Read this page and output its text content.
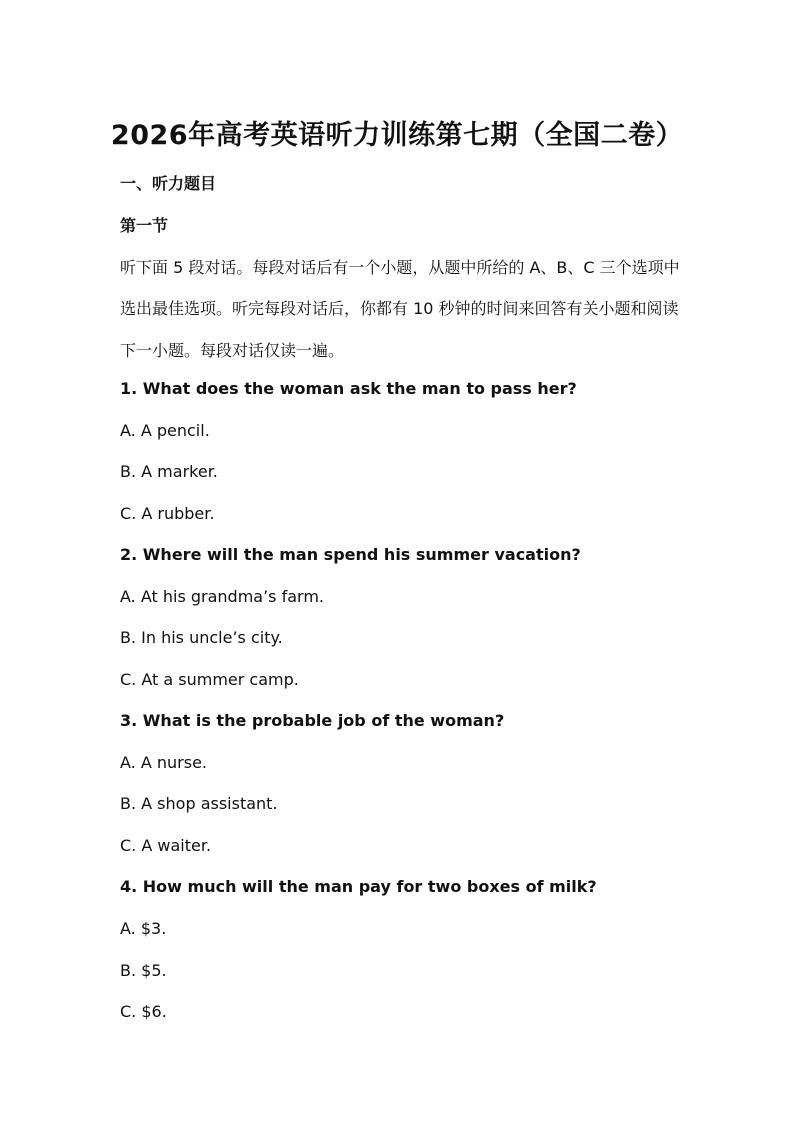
2026年高考英语听力训练第七期（全国二卷）
一、听力题目
第一节
听下面 5 段对话。每段对话后有一个小题，从题中所给的 A、B、C 三个选项中
选出最佳选项。听完每段对话后，你都有 10 秒钟的时间来回答有关小题和阅读
下一小题。每段对话仅读一遍。
1. What does the woman ask the man to pass her?
A. A pencil.
B. A marker.
C. A rubber.
2. Where will the man spend his summer vacation?
A. At his grandma’s farm.
B. In his uncle’s city.
C. At a summer camp.
3. What is the probable job of the woman?
A. A nurse.
B. A shop assistant.
C. A waiter.
4. How much will the man pay for two boxes of milk?
A. $3.
B. $5.
C. $6.
